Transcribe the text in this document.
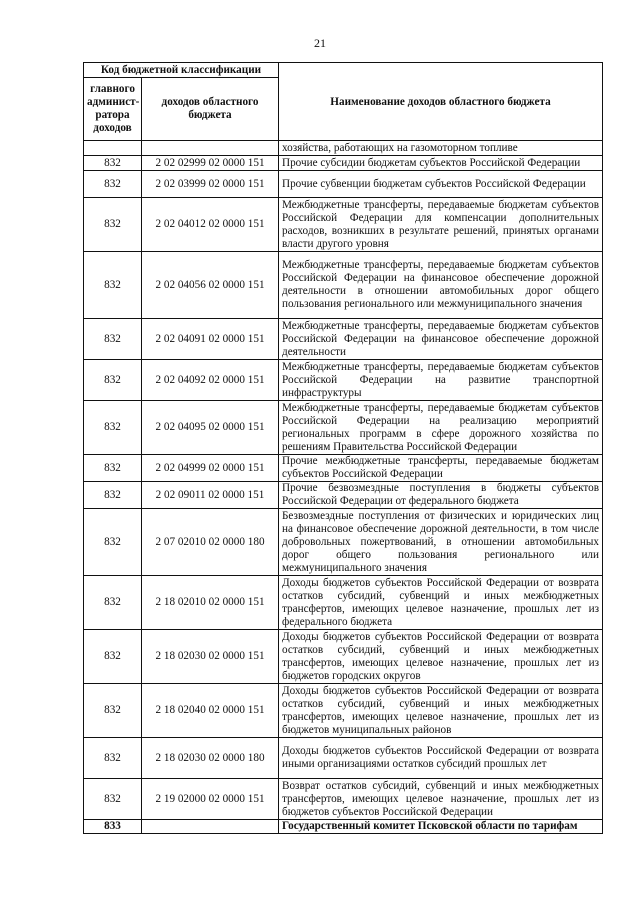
21
Код бюджетной классификации		Наименование доходов областного бюджета
главного админист-ратора доходов	доходов областного бюджета	
		хозяйства, работающих на газомоторном топливе
832	2 02 02999 02 0000 151	Прочие субсидии бюджетам субъектов Российской Федерации
832	2 02 03999 02 0000 151	Прочие субвенции бюджетам субъектов Российской Федерации
832	2 02 04012 02 0000 151	Межбюджетные трансферты, передаваемые бюджетам субъектов Российской Федерации для компенсации дополнительных расходов, возникших в результате решений, принятых органами власти другого уровня
832	2 02 04056 02 0000 151	Межбюджетные трансферты, передаваемые бюджетам субъектов Российской Федерации на финансовое обеспечение дорожной деятельности в отношении автомобильных дорог общего пользования регионального или межмуниципального значения
832	2 02 04091 02 0000 151	Межбюджетные трансферты, передаваемые бюджетам субъектов Российской Федерации на финансовое обеспечение дорожной деятельности
832	2 02 04092 02 0000 151	Межбюджетные трансферты, передаваемые бюджетам субъектов Российской Федерации на развитие транспортной инфраструктуры
832	2 02 04095 02 0000 151	Межбюджетные трансферты, передаваемые бюджетам субъектов Российской Федерации на реализацию мероприятий региональных программ в сфере дорожного хозяйства по решениям Правительства Российской Федерации
832	2 02 04999 02 0000 151	Прочие межбюджетные трансферты, передаваемые бюджетам субъектов Российской Федерации
832	2 02 09011 02 0000 151	Прочие безвозмездные поступления в бюджеты субъектов Российской Федерации от федерального бюджета
832	2 07 02010 02 0000 180	Безвозмездные поступления от физических и юридических лиц на финансовое обеспечение дорожной деятельности, в том числе добровольных пожертвований, в отношении автомобильных дорог общего пользования регионального или межмуниципального значения
832	2 18 02010 02 0000 151	Доходы бюджетов субъектов Российской Федерации от возврата остатков субсидий, субвенций и иных межбюджетных трансфертов, имеющих целевое назначение, прошлых лет из федерального бюджета
832	2 18 02030 02 0000 151	Доходы бюджетов субъектов Российской Федерации от возврата остатков субсидий, субвенций и иных межбюджетных трансфертов, имеющих целевое назначение, прошлых лет из бюджетов городских округов
832	2 18 02040 02 0000 151	Доходы бюджетов субъектов Российской Федерации от возврата остатков субсидий, субвенций и иных межбюджетных трансфертов, имеющих целевое назначение, прошлых лет из бюджетов муниципальных районов
832	2 18 02030 02 0000 180	Доходы бюджетов субъектов Российской Федерации от возврата иными организациями остатков субсидий прошлых лет
832	2 19 02000 02 0000 151	Возврат остатков субсидий, субвенций и иных межбюджетных трансфертов, имеющих целевое назначение, прошлых лет из бюджетов субъектов Российской Федерации
833		Государственный комитет Псковской области по тарифам
